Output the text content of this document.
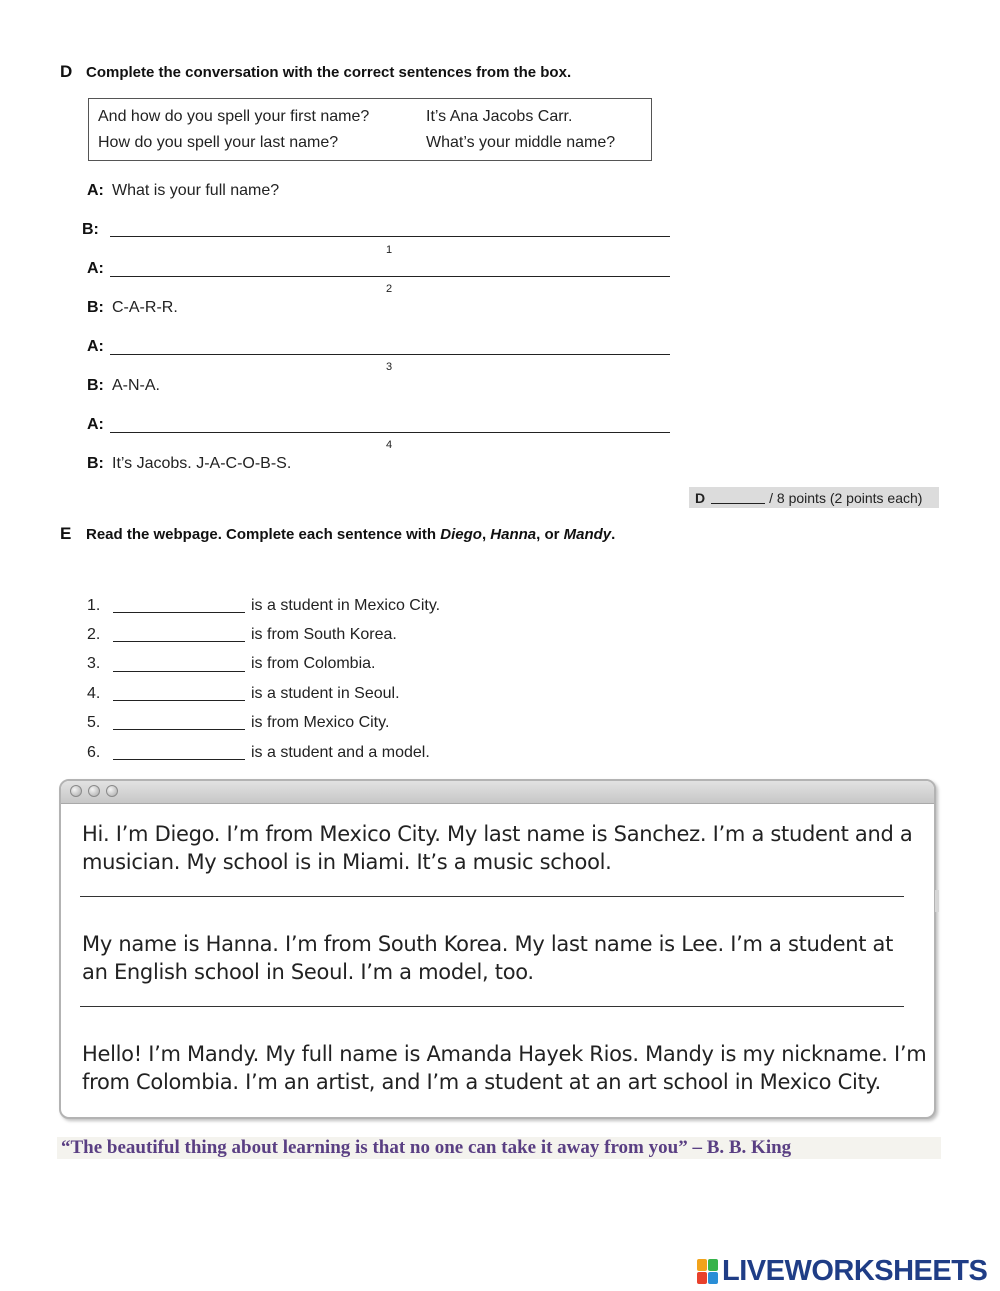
D Complete the conversation with the correct sentences from the box.
And how do you spell your first name?	It’s Ana Jacobs Carr.
How do you spell your last name?	What’s your middle name?
A: What is your full name?
B:
1
A:
2
B: C-A-R-R.
A:
3
B: A-N-A.
A:
4
B: It’s Jacobs. J-A-C-O-B-S.
D	/ 8 points (2 points each)
E Read the webpage. Complete each sentence with Diego, Hanna, or Mandy.
1.	is a student in Mexico City.
2.	is from South Korea.
3.	is from Colombia.
4.	is a student in Seoul.
5.	is from Mexico City.
6.	is a student and a model.
Hi. I’m Diego. I’m from Mexico City. My last name is Sanchez. I’m a student and a
musician. My school is in Miami. It’s a music school.
My name is Hanna. I’m from South Korea. My last name is Lee. I’m a student at
an English school in Seoul. I’m a model, too.
Hello! I’m Mandy. My full name is Amanda Hayek Rios. Mandy is my nickname. I’m
from Colombia. I’m an artist, and I’m a student at an art school in Mexico City.
“The beautiful thing about learning is that no one can take it away from you” – B. B. King
LIVEWORKSHEETS
